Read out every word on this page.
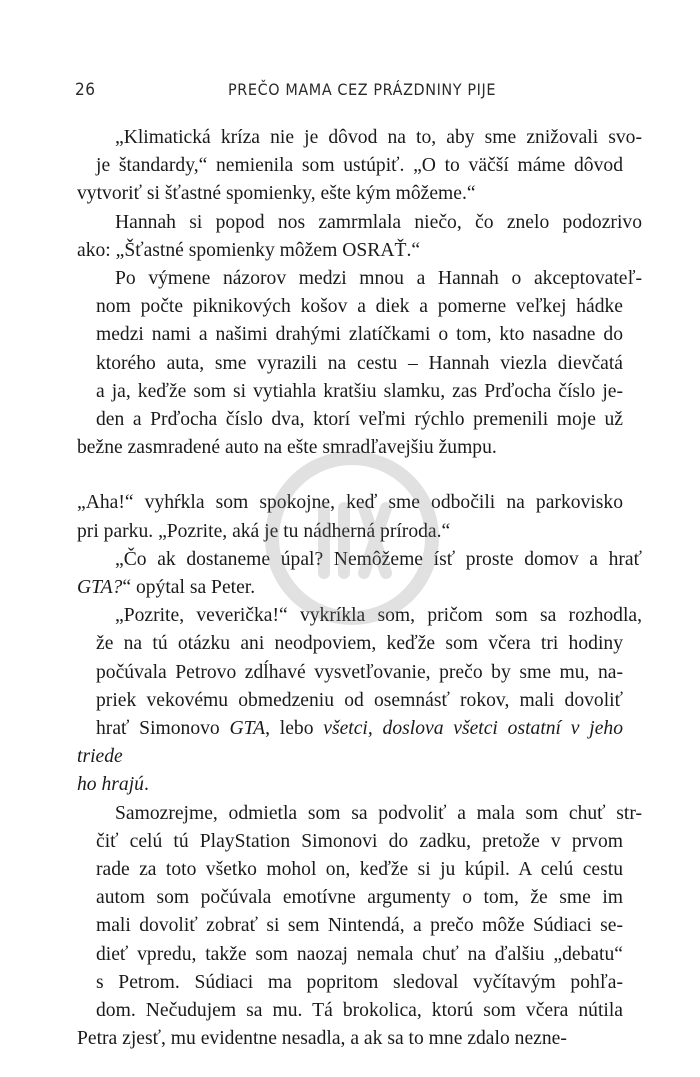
26	PREČO MAMA CEZ PRÁZDNINY PIJE

„Klimatická kríza nie je dôvod na to, aby sme znižovali svo-
je štandardy,“ nemienila som ustúpiť. „O to väčší máme dôvod
vytvoriť si šťastné spomienky, ešte kým môžeme.“

Hannah si popod nos zamrmlala niečo, čo znelo podozrivo
ako: „Šťastné spomienky môžem OSRAŤ.“

Po výmene názorov medzi mnou a Hannah o akceptovateľ-
nom počte piknikových košov a diek a pomerne veľkej hádke
medzi nami a našimi drahými zlatíčkami o tom, kto nasadne do
ktorého auta, sme vyrazili na cestu – Hannah viezla dievčatá
a ja, keďže som si vytiahla kratšiu slamku, zas Prďocha číslo je-
den a Prďocha číslo dva, ktorí veľmi rýchlo premenili moje už
bežne zasmradené auto na ešte smradľavejšiu žumpu.

„Aha!“ vyhŕkla som spokojne, keď sme odbočili na parkovisko
pri parku. „Pozrite, aká je tu nádherná príroda.“

„Čo ak dostaneme úpal? Nemôžeme ísť proste domov a hrať
GTA?“ opýtal sa Peter.

„Pozrite, veverička!“ vykríkla som, pričom som sa rozhodla,
že na tú otázku ani neodpoviem, keďže som včera tri hodiny
počúvala Petrovo zdĺhavé vysvetľovanie, prečo by sme mu, na-
priek vekovému obmedzeniu od osemnásť rokov, mali dovoliť
hrať Simonovo GTA, lebo všetci, doslova všetci ostatní v jeho triede
ho hrajú.

Samozrejme, odmietla som sa podvoliť a mala som chuť str-
čiť celú tú PlayStation Simonovi do zadku, pretože v prvom
rade za toto všetko mohol on, keďže si ju kúpil. A celú cestu
autom som počúvala emotívne argumenty o tom, že sme im
mali dovoliť zobrať si sem Nintendá, a prečo môže Súdiaci se-
dieť vpredu, takže som naozaj nemala chuť na ďalšiu „debatu“
s Petrom. Súdiaci ma popritom sledoval vyčítavým pohľa-
dom. Nečudujem sa mu. Tá brokolica, ktorú som včera nútila
Petra zjesť, mu evidentne nesadla, a ak sa to mne zdalo nezne-
